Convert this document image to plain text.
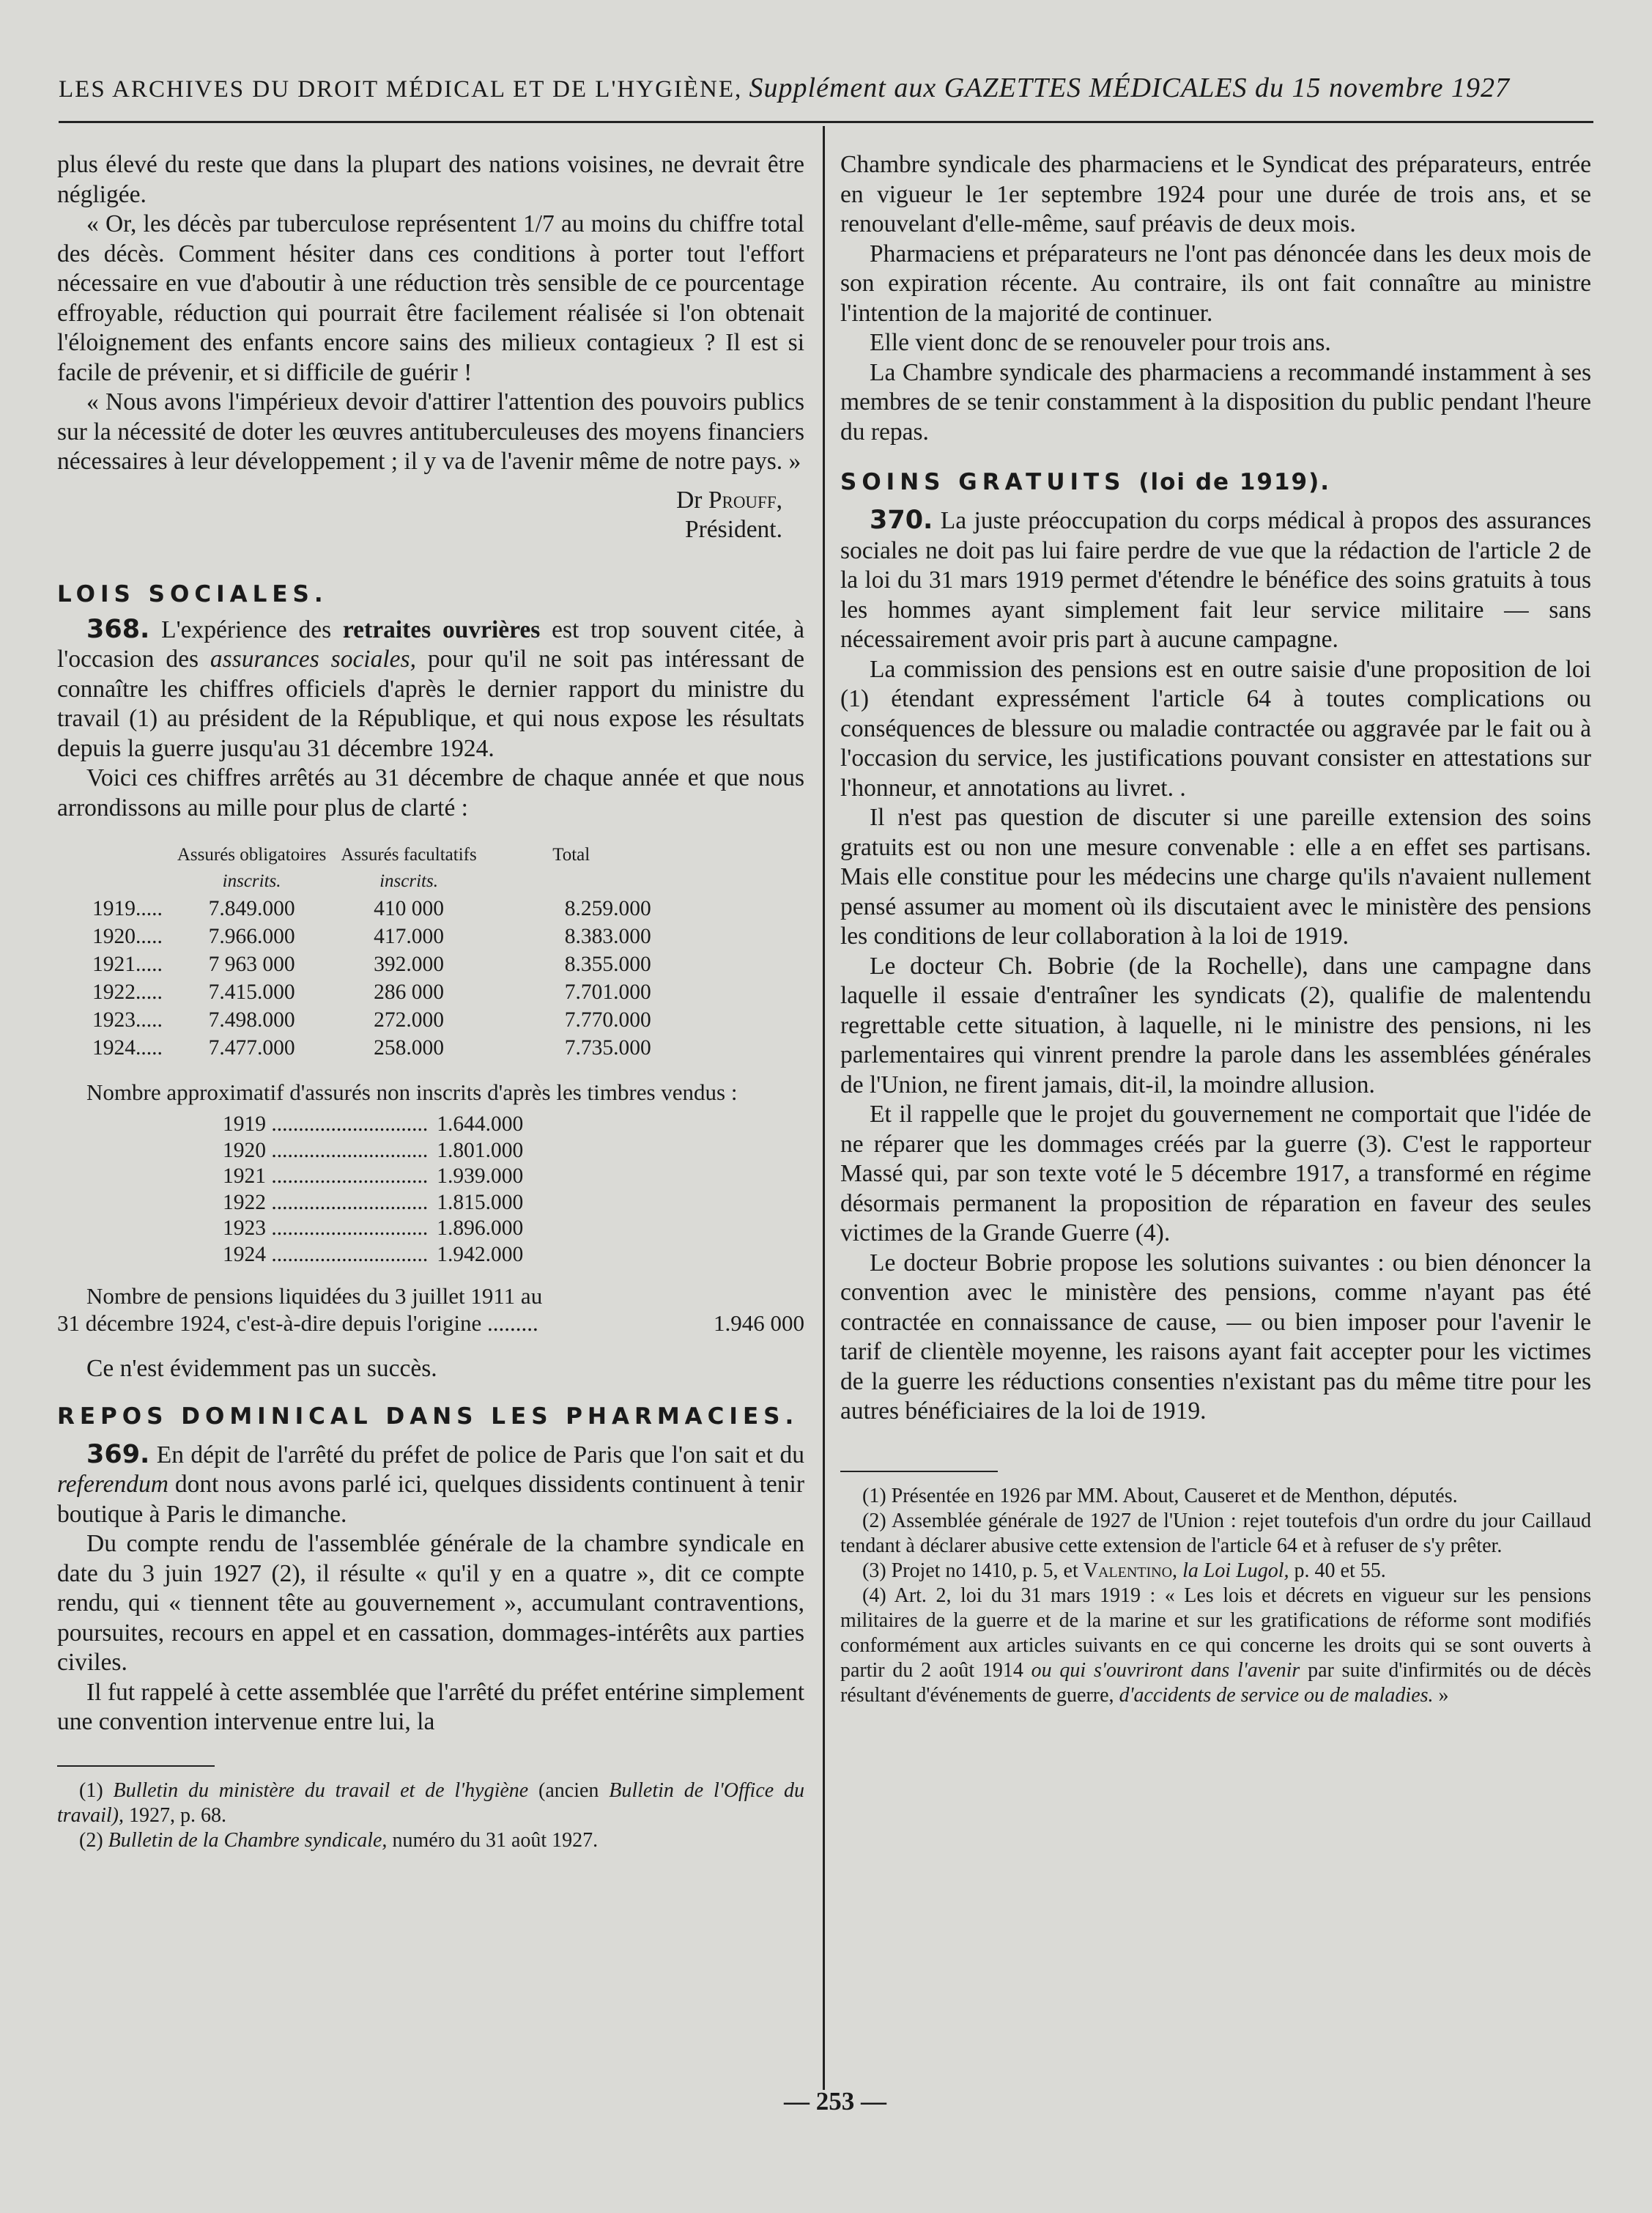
LES ARCHIVES DU DROIT MÉDICAL ET DE L'HYGIÈNE, Supplément aux GAZETTES MÉDICALES du 15 novembre 1927

plus élevé du reste que dans la plupart des nations voisines, ne devrait être négligée.

« Or, les décès par tuberculose représentent 1/7 au moins du chiffre total des décès. Comment hésiter dans ces conditions à porter tout l'effort nécessaire en vue d'aboutir à une réduction très sensible de ce pourcentage effroyable, réduction qui pourrait être facilement réalisée si l'on obtenait l'éloignement des enfants encore sains des milieux contagieux ? Il est si facile de prévenir, et si difficile de guérir !

« Nous avons l'impérieux devoir d'attirer l'attention des pouvoirs publics sur la nécessité de doter les œuvres antituberculeuses des moyens financiers nécessaires à leur développement ; il y va de l'avenir même de notre pays. »

Dr Prouff,
Président.
LOIS SOCIALES.

368. L'expérience des retraites ouvrières est trop souvent citée, à l'occasion des assurances sociales, pour qu'il ne soit pas intéressant de connaître les chiffres officiels d'après le dernier rapport du ministre du travail (1) au président de la République, et qui nous expose les résultats depuis la guerre jusqu'au 31 décembre 1924.

Voici ces chiffres arrêtés au 31 décembre de chaque année et que nous arrondissons au mille pour plus de clarté :

	Assurés obligatoires	Assurés facultatifs	Total
	inscrits.	inscrits.	
1919.....	7.849.000	410 000	8.259.000
1920.....	7.966.000	417.000	8.383.000
1921.....	7 963 000	392.000	8.355.000
1922.....	7.415.000	286 000	7.701.000
1923.....	7.498.000	272.000	7.770.000
1924.....	7.477.000	258.000	7.735.000
Nombre approximatif d'assurés non inscrits d'après les timbres vendus :
1919 .............................	1.644.000
1920 .............................	1.801.000
1921 .............................	1.939.000
1922 .............................	1.815.000
1923 .............................	1.896.000
1924 .............................	1.942.000
Nombre de pensions liquidées du 3 juillet 1911 au
31 décembre 1924, c'est-à-dire depuis l'origine .........	1.946 000

Ce n'est évidemment pas un succès.

REPOS DOMINICAL DANS LES PHARMACIES.

369. En dépit de l'arrêté du préfet de police de Paris que l'on sait et du referendum dont nous avons parlé ici, quelques dissidents continuent à tenir boutique à Paris le dimanche.

Du compte rendu de l'assemblée générale de la chambre syndicale en date du 3 juin 1927 (2), il résulte « qu'il y en a quatre », dit ce compte rendu, qui « tiennent tête au gouvernement », accumulant contraventions, poursuites, recours en appel et en cassation, dommages-intérêts aux parties civiles.

Il fut rappelé à cette assemblée que l'arrêté du préfet entérine simplement une convention intervenue entre lui, la

(1) Bulletin du ministère du travail et de l'hygiène (ancien Bulletin de l'Office du travail), 1927, p. 68.

(2) Bulletin de la Chambre syndicale, numéro du 31 août 1927.

Chambre syndicale des pharmaciens et le Syndicat des préparateurs, entrée en vigueur le 1er septembre 1924 pour une durée de trois ans, et se renouvelant d'elle-même, sauf préavis de deux mois.

Pharmaciens et préparateurs ne l'ont pas dénoncée dans les deux mois de son expiration récente. Au contraire, ils ont fait connaître au ministre l'intention de la majorité de continuer.

Elle vient donc de se renouveler pour trois ans.

La Chambre syndicale des pharmaciens a recommandé instamment à ses membres de se tenir constamment à la disposition du public pendant l'heure du repas.

SOINS GRATUITS (loi de 1919).

370. La juste préoccupation du corps médical à propos des assurances sociales ne doit pas lui faire perdre de vue que la rédaction de l'article 2 de la loi du 31 mars 1919 permet d'étendre le bénéfice des soins gratuits à tous les hommes ayant simplement fait leur service militaire — sans nécessairement avoir pris part à aucune campagne.

La commission des pensions est en outre saisie d'une proposition de loi (1) étendant expressément l'article 64 à toutes complications ou conséquences de blessure ou maladie contractée ou aggravée par le fait ou à l'occasion du service, les justifications pouvant consister en attestations sur l'honneur, et annotations au livret. .

Il n'est pas question de discuter si une pareille extension des soins gratuits est ou non une mesure convenable : elle a en effet ses partisans. Mais elle constitue pour les médecins une charge qu'ils n'avaient nullement pensé assumer au moment où ils discutaient avec le ministère des pensions les conditions de leur collaboration à la loi de 1919.

Le docteur Ch. Bobrie (de la Rochelle), dans une campagne dans laquelle il essaie d'entraîner les syndicats (2), qualifie de malentendu regrettable cette situation, à laquelle, ni le ministre des pensions, ni les parlementaires qui vinrent prendre la parole dans les assemblées générales de l'Union, ne firent jamais, dit-il, la moindre allusion.

Et il rappelle que le projet du gouvernement ne comportait que l'idée de ne réparer que les dommages créés par la guerre (3). C'est le rapporteur Massé qui, par son texte voté le 5 décembre 1917, a transformé en régime désormais permanent la proposition de réparation en faveur des seules victimes de la Grande Guerre (4).

Le docteur Bobrie propose les solutions suivantes : ou bien dénoncer la convention avec le ministère des pensions, comme n'ayant pas été contractée en connaissance de cause, — ou bien imposer pour l'avenir le tarif de clientèle moyenne, les raisons ayant fait accepter pour les victimes de la guerre les réductions consenties n'existant pas du même titre pour les autres bénéficiaires de la loi de 1919.

(1) Présentée en 1926 par MM. About, Causeret et de Menthon, députés.

(2) Assemblée générale de 1927 de l'Union : rejet toutefois d'un ordre du jour Caillaud tendant à déclarer abusive cette extension de l'article 64 et à refuser de s'y prêter.

(3) Projet no 1410, p. 5, et Valentino, la Loi Lugol, p. 40 et 55.

(4) Art. 2, loi du 31 mars 1919 : « Les lois et décrets en vigueur sur les pensions militaires de la guerre et de la marine et sur les gratifications de réforme sont modifiés conformément aux articles suivants en ce qui concerne les droits qui se sont ouverts à partir du 2 août 1914 ou qui s'ouvriront dans l'avenir par suite d'infirmités ou de décès résultant d'événements de guerre, d'accidents de service ou de maladies. »

— 253 —
